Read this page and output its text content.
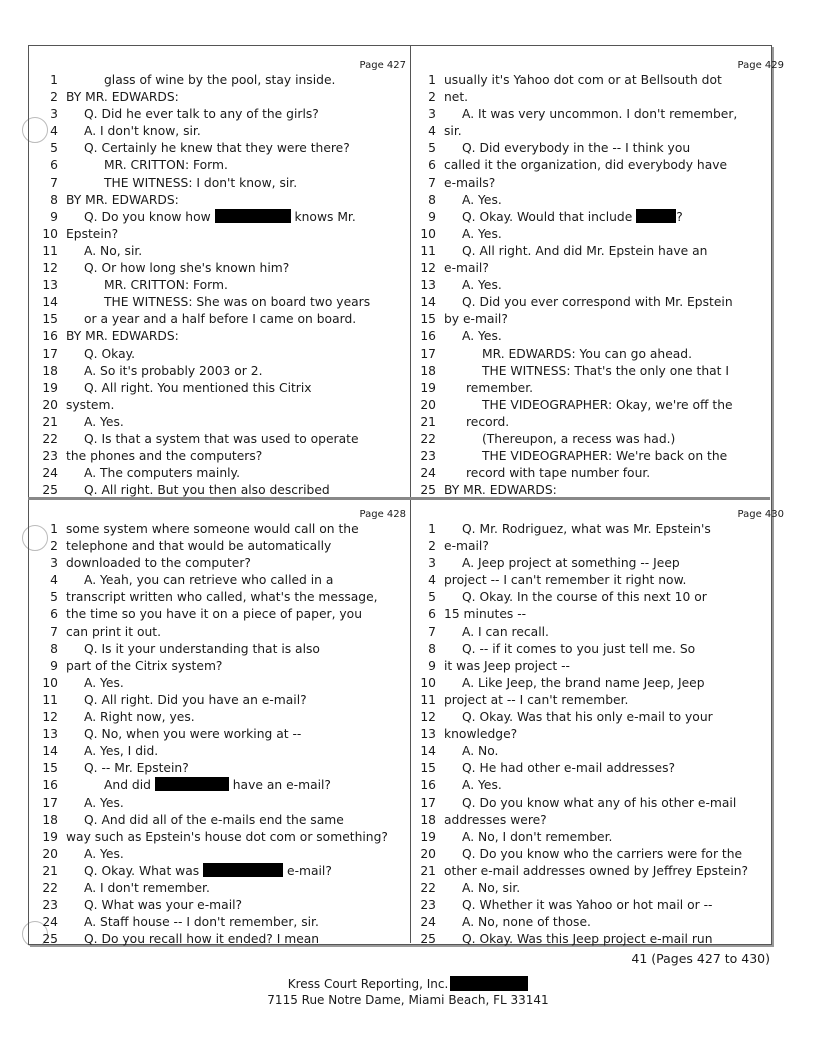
Page 427
1	glass of wine by the pool, stay inside.
2 BY MR. EDWARDS:
3	Q. Did he ever talk to any of the girls?
4	A. I don't know, sir.
5	Q. Certainly he knew that they were there?
6	MR. CRITTON: Form.
7	THE WITNESS: I don't know, sir.
8 BY MR. EDWARDS:
9	Q. Do you know how	knows Mr.
10 Epstein?
11	A. No, sir.
12	Q. Or how long she's known him?
13	MR. CRITTON: Form.
14	THE WITNESS: She was on board two years
15	or a year and a half before I came on board.
16 BY MR. EDWARDS:
17	Q. Okay.
18	A. So it's probably 2003 or 2.
19	Q. All right. You mentioned this Citrix
20 system.
21	A. Yes.
22	Q. Is that a system that was used to operate
23 the phones and the computers?
24	A. The computers mainly.
25	Q. All right. But you then also described
Page 429
1 usually it's Yahoo dot com or at Bellsouth dot
2 net.
3	A. It was very uncommon. I don't remember,
4 sir.
5	Q. Did everybody in the -- I think you
6 called it the organization, did everybody have
7 e-mails?
8	A. Yes.
9	Q. Okay. Would that include	?
10	A. Yes.
11	Q. All right. And did Mr. Epstein have an
12 e-mail?
13	A. Yes.
14	Q. Did you ever correspond with Mr. Epstein
15 by e-mail?
16	A. Yes.
17	MR. EDWARDS: You can go ahead.
18	THE WITNESS: That's the only one that I
19	remember.
20	THE VIDEOGRAPHER: Okay, we're off the
21	record.
22	(Thereupon, a recess was had.)
23	THE VIDEOGRAPHER: We're back on the
24	record with tape number four.
25 BY MR. EDWARDS:
Page 428
1 some system where someone would call on the
2 telephone and that would be automatically
3 downloaded to the computer?
4	A. Yeah, you can retrieve who called in a
5 transcript written who called, what's the message,
6 the time so you have it on a piece of paper, you
7 can print it out.
8	Q. Is it your understanding that is also
9 part of the Citrix system?
10	A. Yes.
11	Q. All right. Did you have an e-mail?
12	A. Right now, yes.
13	Q. No, when you were working at --
14	A. Yes, I did.
15	Q. -- Mr. Epstein?
16	And did	have an e-mail?
17	A. Yes.
18	Q. And did all of the e-mails end the same
19 way such as Epstein's house dot com or something?
20	A. Yes.
21	Q. Okay. What was	e-mail?
22	A. I don't remember.
23	Q. What was your e-mail?
24	A. Staff house -- I don't remember, sir.
25	Q. Do you recall how it ended? I mean
Page 430
1	Q. Mr. Rodriguez, what was Mr. Epstein's
2 e-mail?
3	A. Jeep project at something -- Jeep
4 project -- I can't remember it right now.
5	Q. Okay. In the course of this next 10 or
6 15 minutes --
7	A. I can recall.
8	Q. -- if it comes to you just tell me. So
9 it was Jeep project --
10	A. Like Jeep, the brand name Jeep, Jeep
11 project at -- I can't remember.
12	Q. Okay. Was that his only e-mail to your
13 knowledge?
14	A. No.
15	Q. He had other e-mail addresses?
16	A. Yes.
17	Q. Do you know what any of his other e-mail
18 addresses were?
19	A. No, I don't remember.
20	Q. Do you know who the carriers were for the
21 other e-mail addresses owned by Jeffrey Epstein?
22	A. No, sir.
23	Q. Whether it was Yahoo or hot mail or --
24	A. No, none of those.
25	Q. Okay. Was this Jeep project e-mail run
41 (Pages 427 to 430)
Kress Court Reporting, Inc.
7115 Rue Notre Dame, Miami Beach, FL 33141
